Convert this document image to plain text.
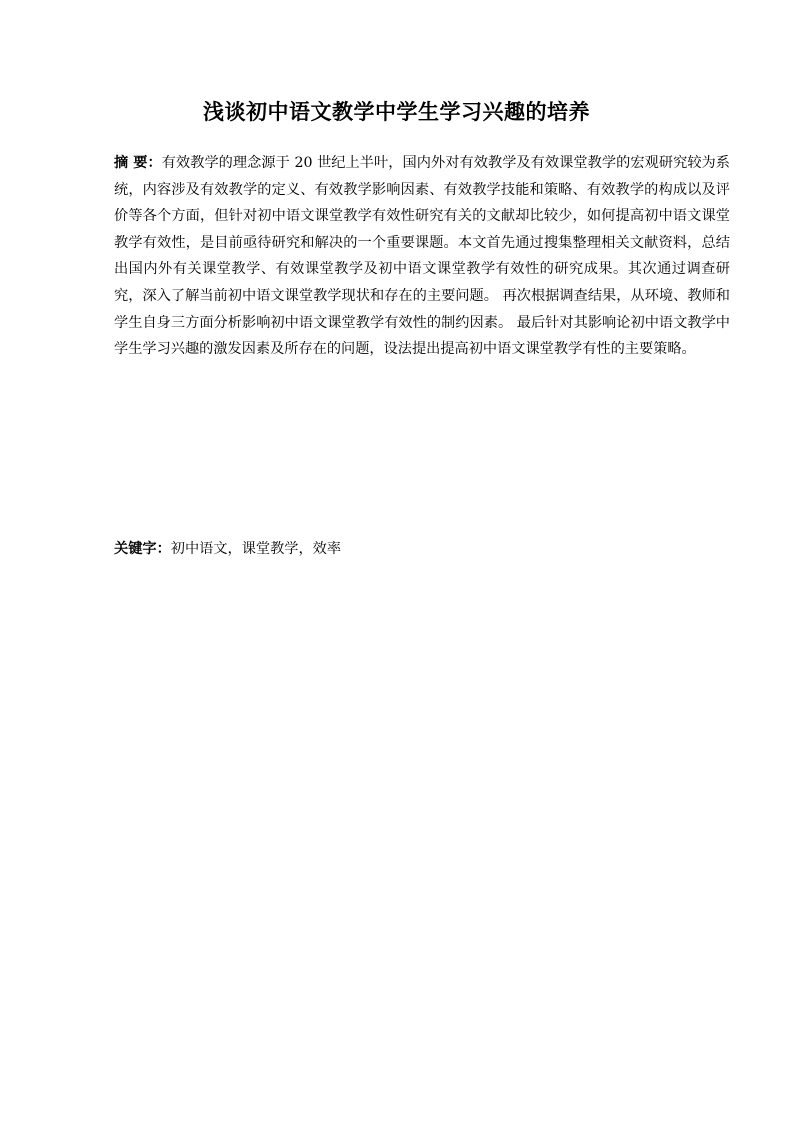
浅谈初中语文教学中学生学习兴趣的培养

摘 要：有效教学的理念源于 20 世纪上半叶，国内外对有效教学及有效课堂教学的宏观研究较为系统，内容涉及有效教学的定义、有效教学影响因素、有效教学技能和策略、有效教学的构成以及评价等各个方面，但针对初中语文课堂教学有效性研究有关的文献却比较少，如何提高初中语文课堂教学有效性，是目前亟待研究和解决的一个重要课题。本文首先通过搜集整理相关文献资料，总结出国内外有关课堂教学、有效课堂教学及初中语文课堂教学有效性的研究成果。其次通过调查研究，深入了解当前初中语文课堂教学现状和存在的主要问题。 再次根据调查结果，从环境、教师和学生自身三方面分析影响初中语文课堂教学有效性的制约因素。 最后针对其影响论初中语文教学中学生学习兴趣的激发因素及所存在的问题，设法提出提高初中语文课堂教学有性的主要策略。

关键字：初中语文，课堂教学，效率
